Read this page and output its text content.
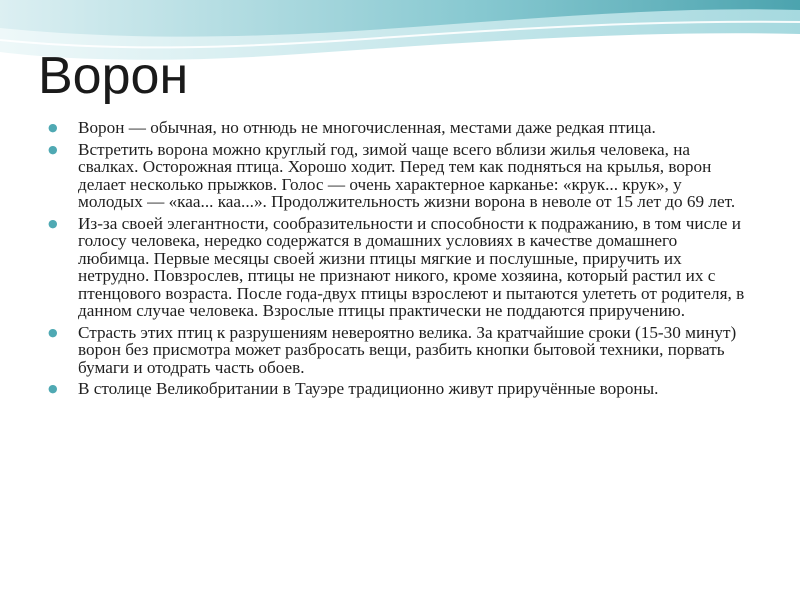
Ворон
● Ворон — обычная, но отнюдь не многочисленная, местами даже редкая птица.
● Встретить ворона можно круглый год, зимой чаще всего вблизи жилья человека, на свалках. Осторожная птица. Хорошо ходит. Перед тем как подняться на крылья, ворон делает несколько прыжков. Голос — очень характерное карканье: «крук... крук», у молодых — «каа... каа...». Продолжительность жизни ворона в неволе от 15 лет до 69 лет.
● Из-за своей элегантности, сообразительности и способности к подражанию, в том числе и голосу человека, нередко содержатся в домашних условиях в качестве домашнего любимца. Первые месяцы своей жизни птицы мягкие и послушные, приручить их нетрудно. Повзрослев, птицы не признают никого, кроме хозяина, который растил их с птенцового возраста. После года-двух птицы взрослеют и пытаются улететь от родителя, в данном случае человека. Взрослые птицы практически не поддаются приручению.
● Страсть этих птиц к разрушениям невероятно велика. За кратчайшие сроки (15-30 минут) ворон без присмотра может разбросать вещи, разбить кнопки бытовой техники, порвать бумаги и отодрать часть обоев.
● В столице Великобритании в Тауэре традиционно живут приручённые вороны.
